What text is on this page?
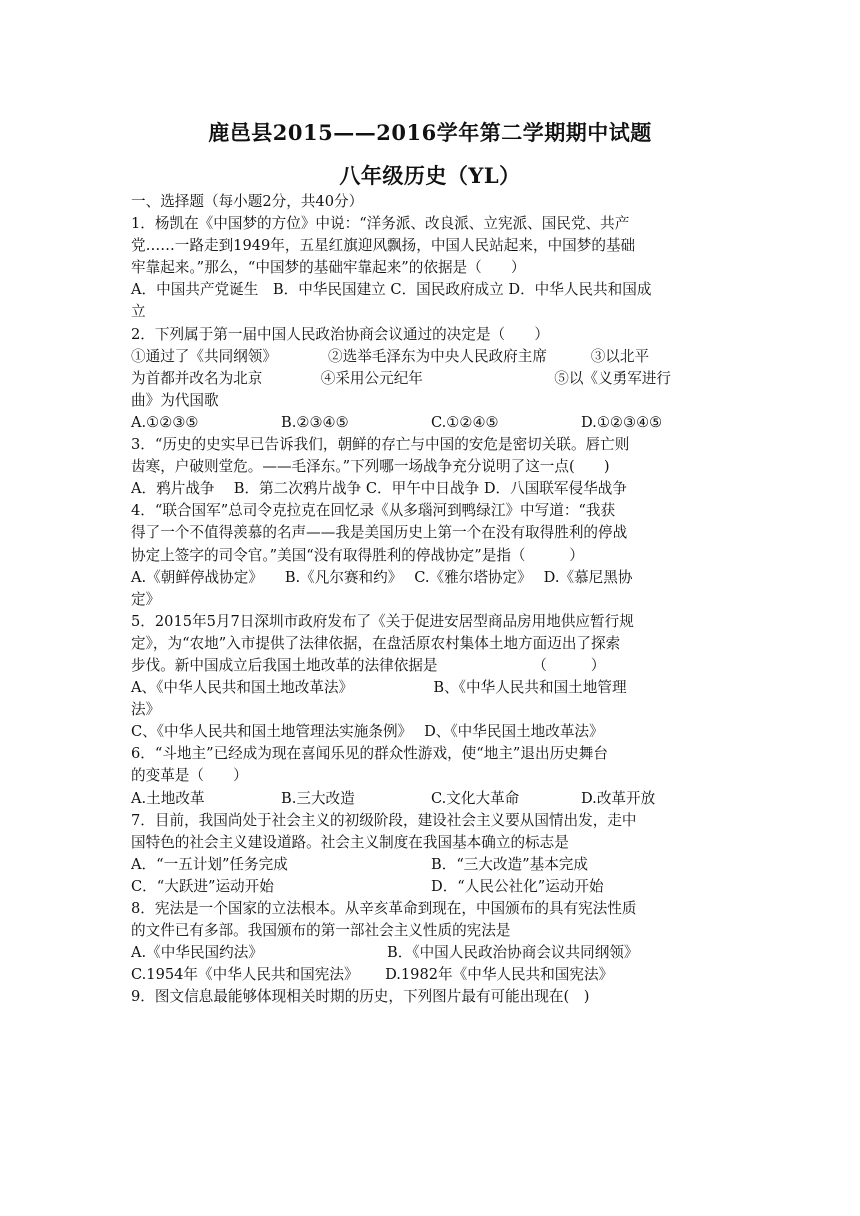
鹿邑县2015——2016学年第二学期期中试题
八年级历史（YL）
一、选择题（每小题2分，共40分）
1．杨凯在《中国梦的方位》中说：“洋务派、改良派、立宪派、国民党、共产
党……一路走到1949年，五星红旗迎风飘扬，中国人民站起来，中国梦的基础
牢靠起来。”那么，“中国梦的基础牢靠起来”的依据是（　　）
A．中国共产党诞生　B．中华民国建立 C．国民政府成立 D．中华人民共和国成
立
2．下列属于第一届中国人民政治协商会议通过的决定是（　　）
①通过了《共同纲领》　　　　②选举毛泽东为中央人民政府主席　　　③以北平
为首都并改名为北京　　　　④采用公元纪年　　　　　　　　　⑤以《义勇军进行
曲》为代国歌
A.①②③⑤	B.②③④⑤	C.①②④⑤	D.①②③④⑤
3．“历史的史实早已告诉我们，朝鲜的存亡与中国的安危是密切关联。唇亡则
齿寒，户破则堂危。——毛泽东。”下列哪一场战争充分说明了这一点(　　)
A．鸦片战争　 B．第二次鸦片战争 C．甲午中日战争 D．八国联军侵华战争
4．“联合国军”总司令克拉克在回忆录《从多瑙河到鸭绿江》中写道：“我获
得了一个不值得羡慕的名声——我是美国历史上第一个在没有取得胜利的停战
协定上签字的司令官。”美国“没有取得胜利的停战协定”是指（　　　）
A.《朝鲜停战协定》　　B.《凡尔赛和约》　 C.《雅尔塔协定》　 D.《慕尼黑协
定》
5．2015年5月7日深圳市政府发布了《关于促进安居型商品房用地供应暂行规
定》，为“农地”入市提供了法律依据，在盘活原农村集体土地方面迈出了探索
步伐。新中国成立后我国土地改革的法律依据是　　　　　　　（　　　）
A、《中华人民共和国土地改革法》　　　　　　B、《中华人民共和国土地管理
法》
C、《中华人民共和国土地管理法实施条例》　 D、《中华民国土地改革法》
6．“斗地主”已经成为现在喜闻乐见的群众性游戏，使“地主”退出历史舞台
的变革是（　　）
A.土地改革	B.三大改造	C.文化大革命	D.改革开放
7．目前，我国尚处于社会主义的初级阶段，建设社会主义要从国情出发，走中
国特色的社会主义建设道路。社会主义制度在我国基本确立的标志是
A．“一五计划”任务完成	B．“三大改造”基本完成
C．“大跃进”运动开始	D．“人民公社化”运动开始
8．宪法是一个国家的立法根本。从辛亥革命到现在，中国颁布的具有宪法性质
的文件已有多部。我国颁布的第一部社会主义性质的宪法是
A.《中华民国约法》　　　　　　　　　B．《中国人民政治协商会议共同纲领》
C.1954年《中华人民共和国宪法》　　 D.1982年《中华人民共和国宪法》
9．图文信息最能够体现相关时期的历史，下列图片最有可能出现在(　)
